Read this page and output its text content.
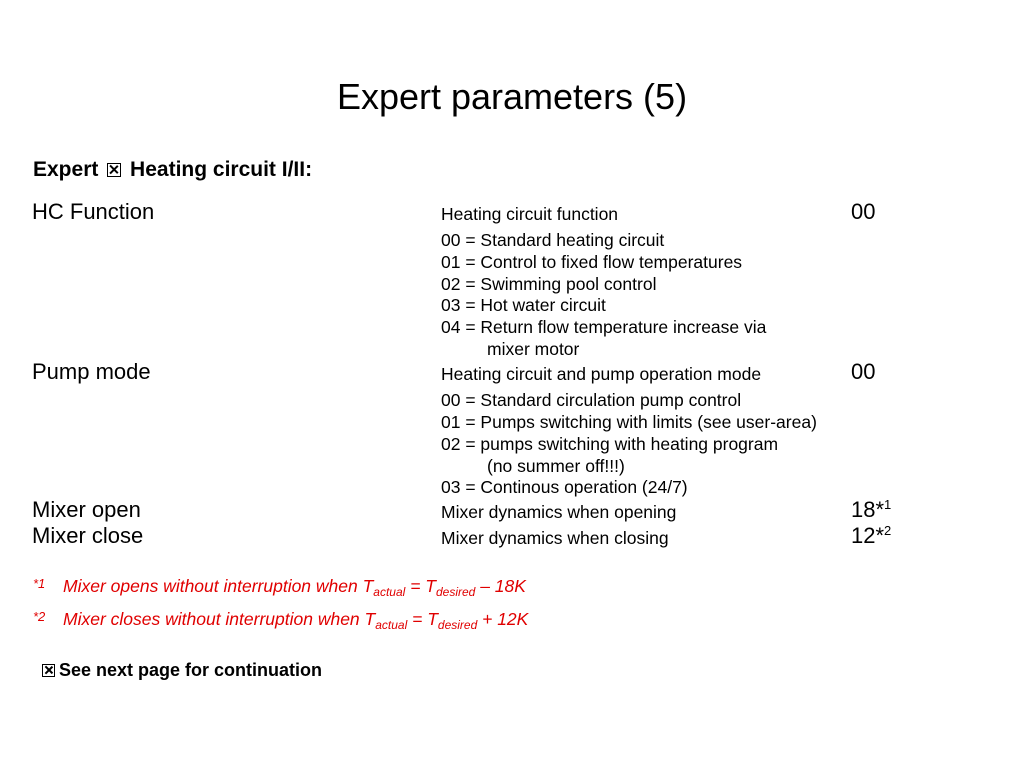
Expert parameters (5)
Expert Heating circuit I/II:
HC Function	Heating circuit function	00
00 = Standard heating circuit
01 = Control to fixed flow temperatures
02 = Swimming pool control
03 = Hot water circuit
04 = Return flow temperature increase via
mixer motor
Pump mode	Heating circuit and pump operation mode	00
00 = Standard circulation pump control
01 = Pumps switching with limits (see user-area)
02 = pumps switching with heating program
(no summer off!!!)
03 = Continous operation (24/7)
Mixer open	Mixer dynamics when opening	18*$^1$
Mixer close	Mixer dynamics when closing	12*$^2$
*1 Mixer opens without interruption when $T_{actual} = T_{desired} - 18K$
*2 Mixer closes without interruption when $T_{actual} = T_{desired} + 12K$
See next page for continuation
